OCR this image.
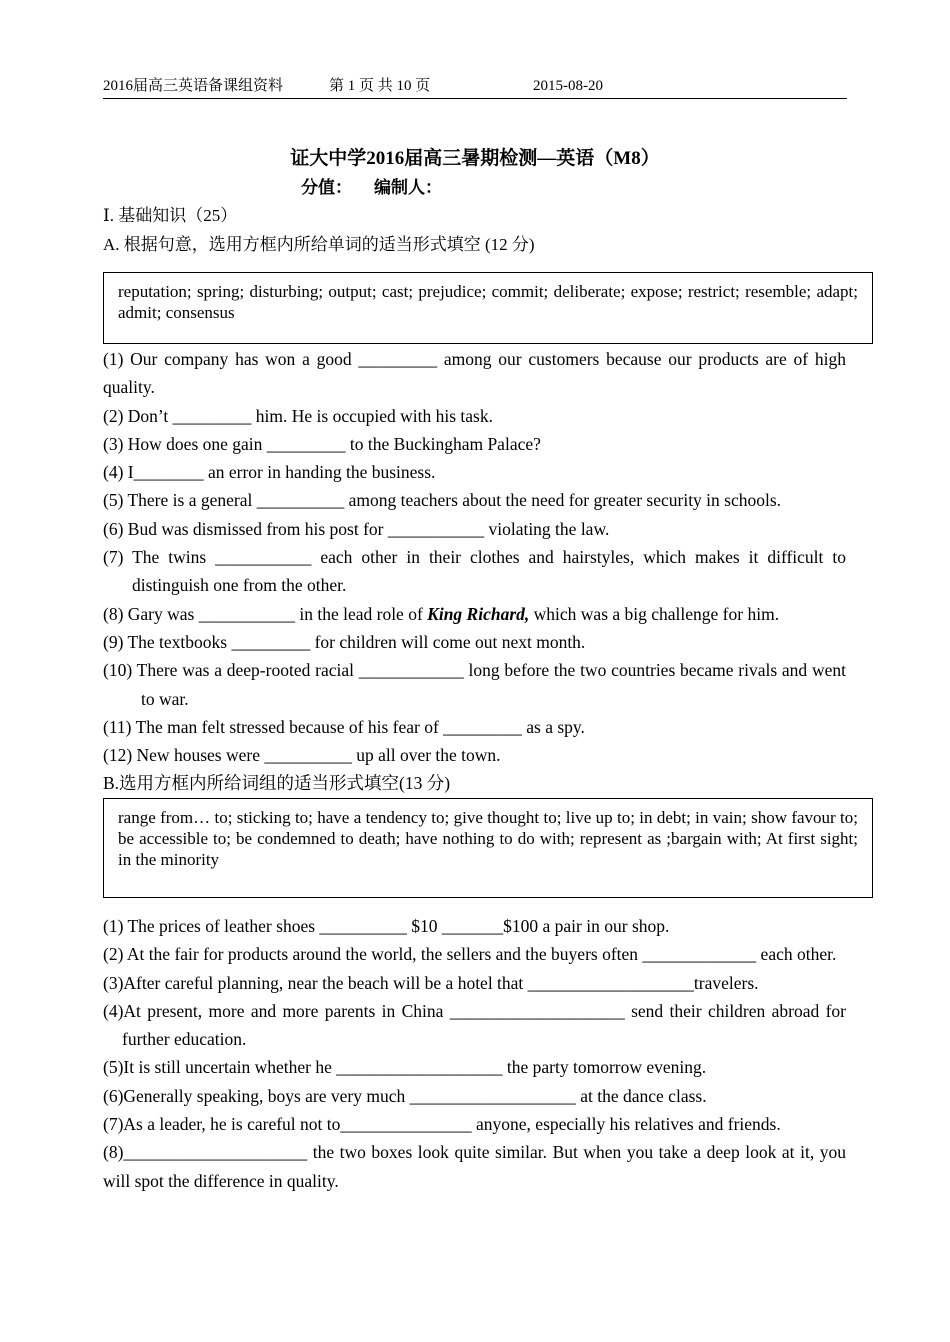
2016届高三英语备课组资料	第 1 页 共 10 页	2015-08-20
证大中学2016届高三暑期检测—英语（M8）
分值： 编制人：
Ⅰ. 基础知识（25）
A. 根据句意，选用方框内所给单词的适当形式填空 (12 分)
reputation; spring; disturbing; output; cast; prejudice; commit; deliberate; expose; restrict; resemble; adapt; admit; consensus
(1) Our company has won a good _________ among our customers because our products are of high quality.
(2) Don’t _________ him. He is occupied with his task.
(3) How does one gain _________ to the Buckingham Palace?
(4) I________ an error in handing the business.
(5) There is a general __________ among teachers about the need for greater security in schools.
(6) Bud was dismissed from his post for ___________ violating the law.
(7) The twins ___________ each other in their clothes and hairstyles, which makes it difficult to distinguish one from the other.
(8) Gary was ___________ in the lead role of King Richard, which was a big challenge for him.
(9) The textbooks _________ for children will come out next month.
(10) There was a deep-rooted racial ____________ long before the two countries became rivals and went to war.
(11) The man felt stressed because of his fear of _________ as a spy.
(12) New houses were __________ up all over the town.
B.选用方框内所给词组的适当形式填空(13 分)
range from… to; sticking to; have a tendency to; give thought to; live up to; in debt; in vain; show favour to; be accessible to; be condemned to death; have nothing to do with; represent as ;bargain with; At first sight; in the minority
(1) The prices of leather shoes __________ $10 _______$100 a pair in our shop.
(2) At the fair for products around the world, the sellers and the buyers often _____________ each other.
(3)After careful planning, near the beach will be a hotel that ___________________travelers.
(4)At present, more and more parents in China ____________________ send their children abroad for further education.
(5)It is still uncertain whether he ___________________ the party tomorrow evening.
(6)Generally speaking, boys are very much ___________________ at the dance class.
(7)As a leader, he is careful not to_______________ anyone, especially his relatives and friends.
(8)_____________________ the two boxes look quite similar. But when you take a deep look at it, you will spot the difference in quality.
